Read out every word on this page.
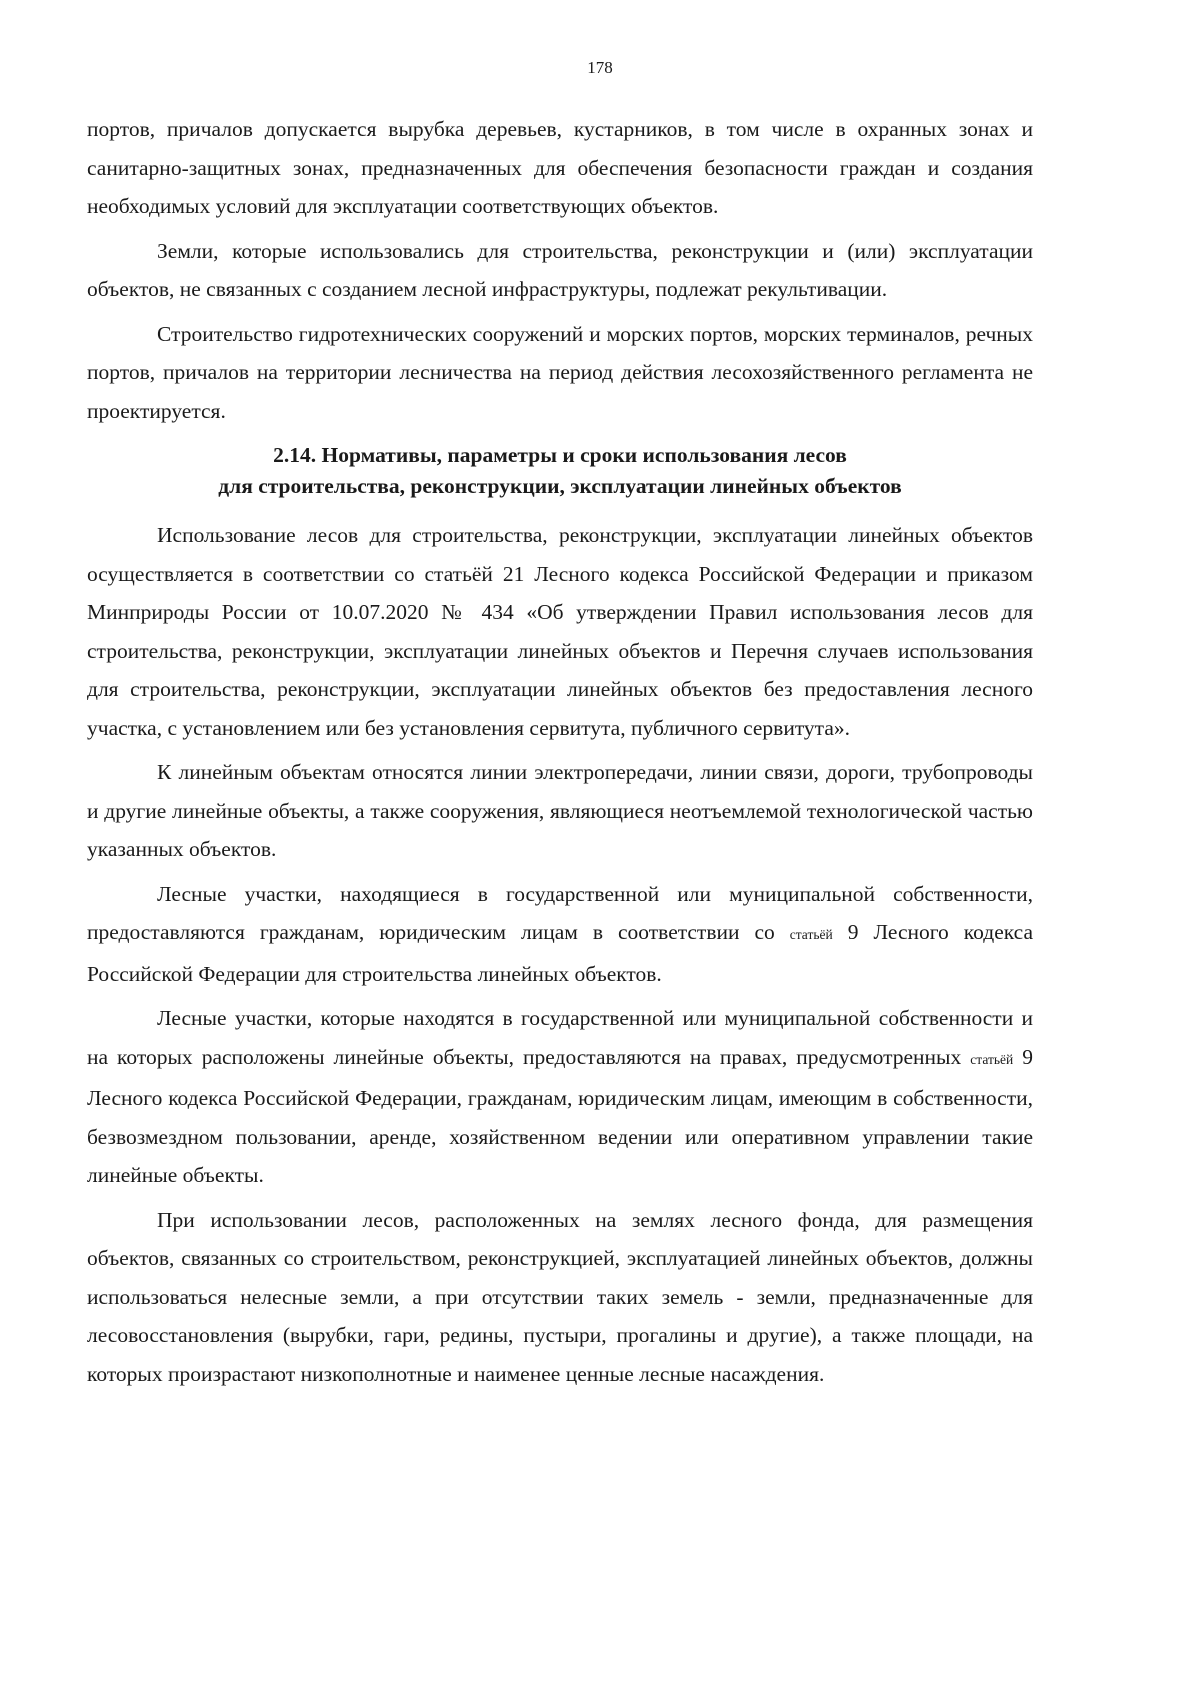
178

портов, причалов допускается вырубка деревьев, кустарников, в том числе в охранных зонах и санитарно-защитных зонах, предназначенных для обеспечения безопасности граждан и создания необходимых условий для эксплуатации соответствующих объектов.

Земли, которые использовались для строительства, реконструкции и (или) эксплуатации объектов, не связанных с созданием лесной инфраструктуры, подлежат рекультивации.

Строительство гидротехнических сооружений и морских портов, морских терминалов, речных портов, причалов на территории лесничества на период действия лесохозяйственного регламента не проектируется.

2.14. Нормативы, параметры и сроки использования лесов
для строительства, реконструкции, эксплуатации линейных объектов

Использование лесов для строительства, реконструкции, эксплуатации линейных объектов осуществляется в соответствии со статьёй 21 Лесного кодекса Российской Федерации и приказом Минприроды России от 10.07.2020 № 434 «Об утверждении Правил использования лесов для строительства, реконструкции, эксплуатации линейных объектов и Перечня случаев использования для строительства, реконструкции, эксплуатации линейных объектов без предоставления лесного участка, с установлением или без установления сервитута, публичного сервитута».

К линейным объектам относятся линии электропередачи, линии связи, дороги, трубопроводы и другие линейные объекты, а также сооружения, являющиеся неотъемлемой технологической частью указанных объектов.

Лесные участки, находящиеся в государственной или муниципальной собственности, предоставляются гражданам, юридическим лицам в соответствии со статьёй 9 Лесного кодекса Российской Федерации для строительства линейных объектов.

Лесные участки, которые находятся в государственной или муниципальной собственности и на которых расположены линейные объекты, предоставляются на правах, предусмотренных статьёй 9 Лесного кодекса Российской Федерации, гражданам, юридическим лицам, имеющим в собственности, безвозмездном пользовании, аренде, хозяйственном ведении или оперативном управлении такие линейные объекты.

При использовании лесов, расположенных на землях лесного фонда, для размещения объектов, связанных со строительством, реконструкцией, эксплуатацией линейных объектов, должны использоваться нелесные земли, а при отсутствии таких земель - земли, предназначенные для лесовосстановления (вырубки, гари, редины, пустыри, прогалины и другие), а также площади, на которых произрастают низкополнотные и наименее ценные лесные насаждения.
